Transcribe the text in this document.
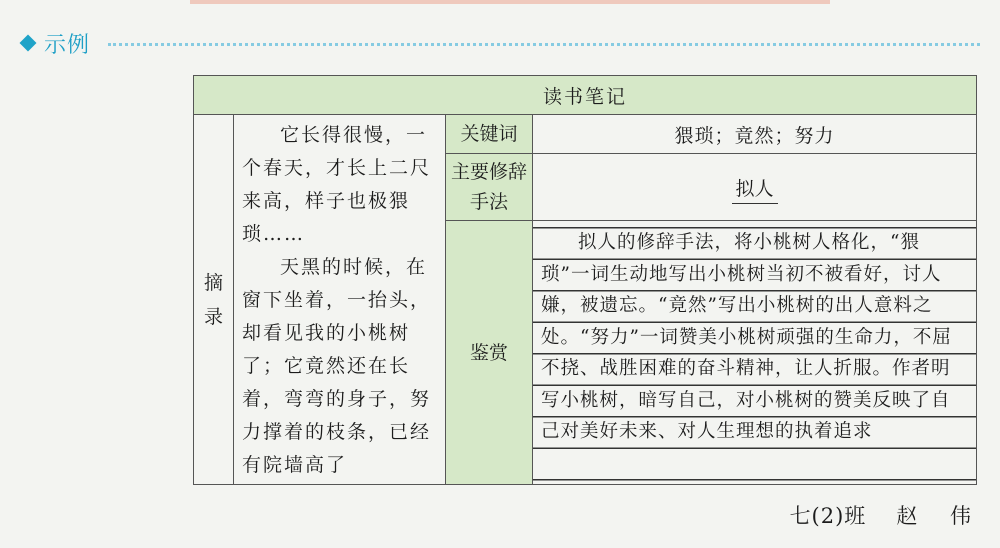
示例
读书笔记			

摘录	它长得很慢，一个春天，才长上二尺来高，样子也极猥琐……

天黑的时候，在窗下坐着，一抬头，却看见我的小桃树了；它竟然还在长着，弯弯的身子，努力撑着的枝条，已经有院墙高了	关键词	猥琐；竟然；努力

		主要修辞手法	拟人
		鉴赏	拟人的修辞手法，将小桃树人格化，“猥琐”一词生动地写出小桃树当初不被看好，讨人嫌，被遗忘。“竟然”写出小桃树的出人意料之处。“努力”一词赞美小桃树顽强的生命力，不屈不挠、战胜困难的奋斗精神，让人折服。作者明写小桃树，暗写自己，对小桃树的赞美反映了自己对美好未来、对人生理想的执着追求

七(2)班 赵 伟
